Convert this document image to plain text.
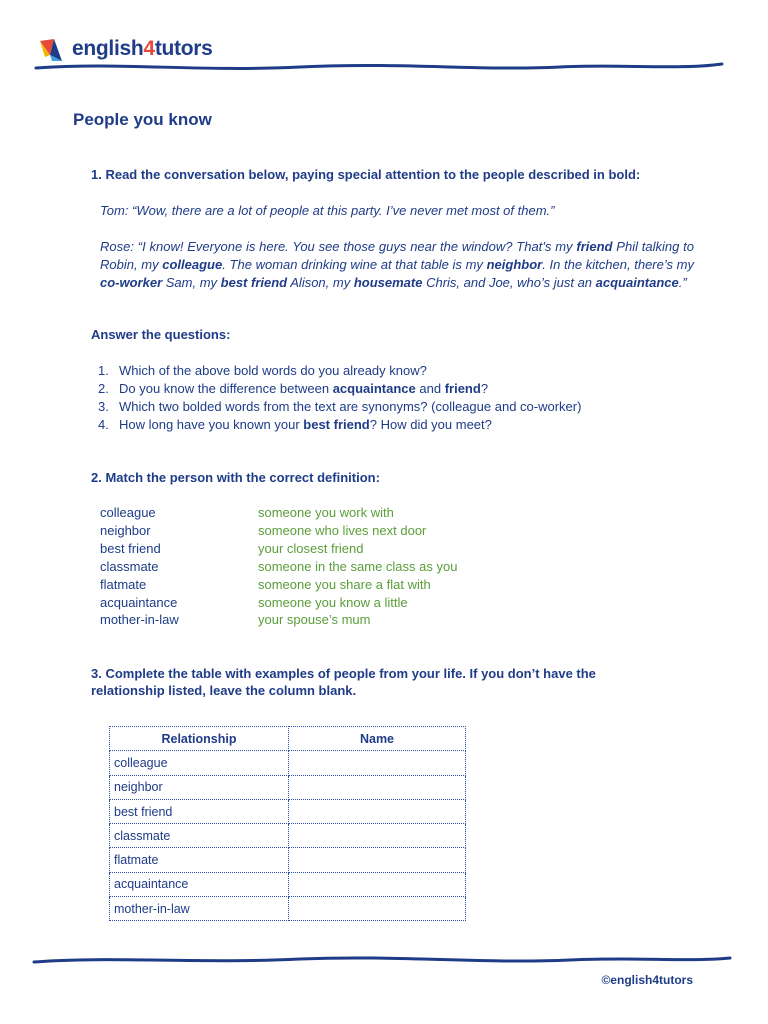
english4tutors
People you know
1. Read the conversation below, paying special attention to the people described in bold:
Tom: “Wow, there are a lot of people at this party. I’ve never met most of them.”
Rose: “I know! Everyone is here. You see those guys near the window? That’s my friend Phil talking to Robin, my colleague. The woman drinking wine at that table is my neighbor. In the kitchen, there’s my co-worker Sam, my best friend Alison, my housemate Chris, and Joe, who’s just an acquaintance.”
Answer the questions:
1. Which of the above bold words do you already know?
2. Do you know the difference between acquaintance and friend?
3. Which two bolded words from the text are synonyms? (colleague and co-worker)
4. How long have you known your best friend? How did you meet?
2. Match the person with the correct definition:
colleague	someone you work with
neighbor	someone who lives next door
best friend	your closest friend
classmate	someone in the same class as you
flatmate	someone you share a flat with
acquaintance	someone you know a little
mother-in-law	your spouse’s mum
3. Complete the table with examples of people from your life. If you don’t have the
relationship listed, leave the column blank.
Relationship	Name
colleague	
neighbor	
best friend	
classmate	
flatmate	
acquaintance	
mother-in-law	
©english4tutors
